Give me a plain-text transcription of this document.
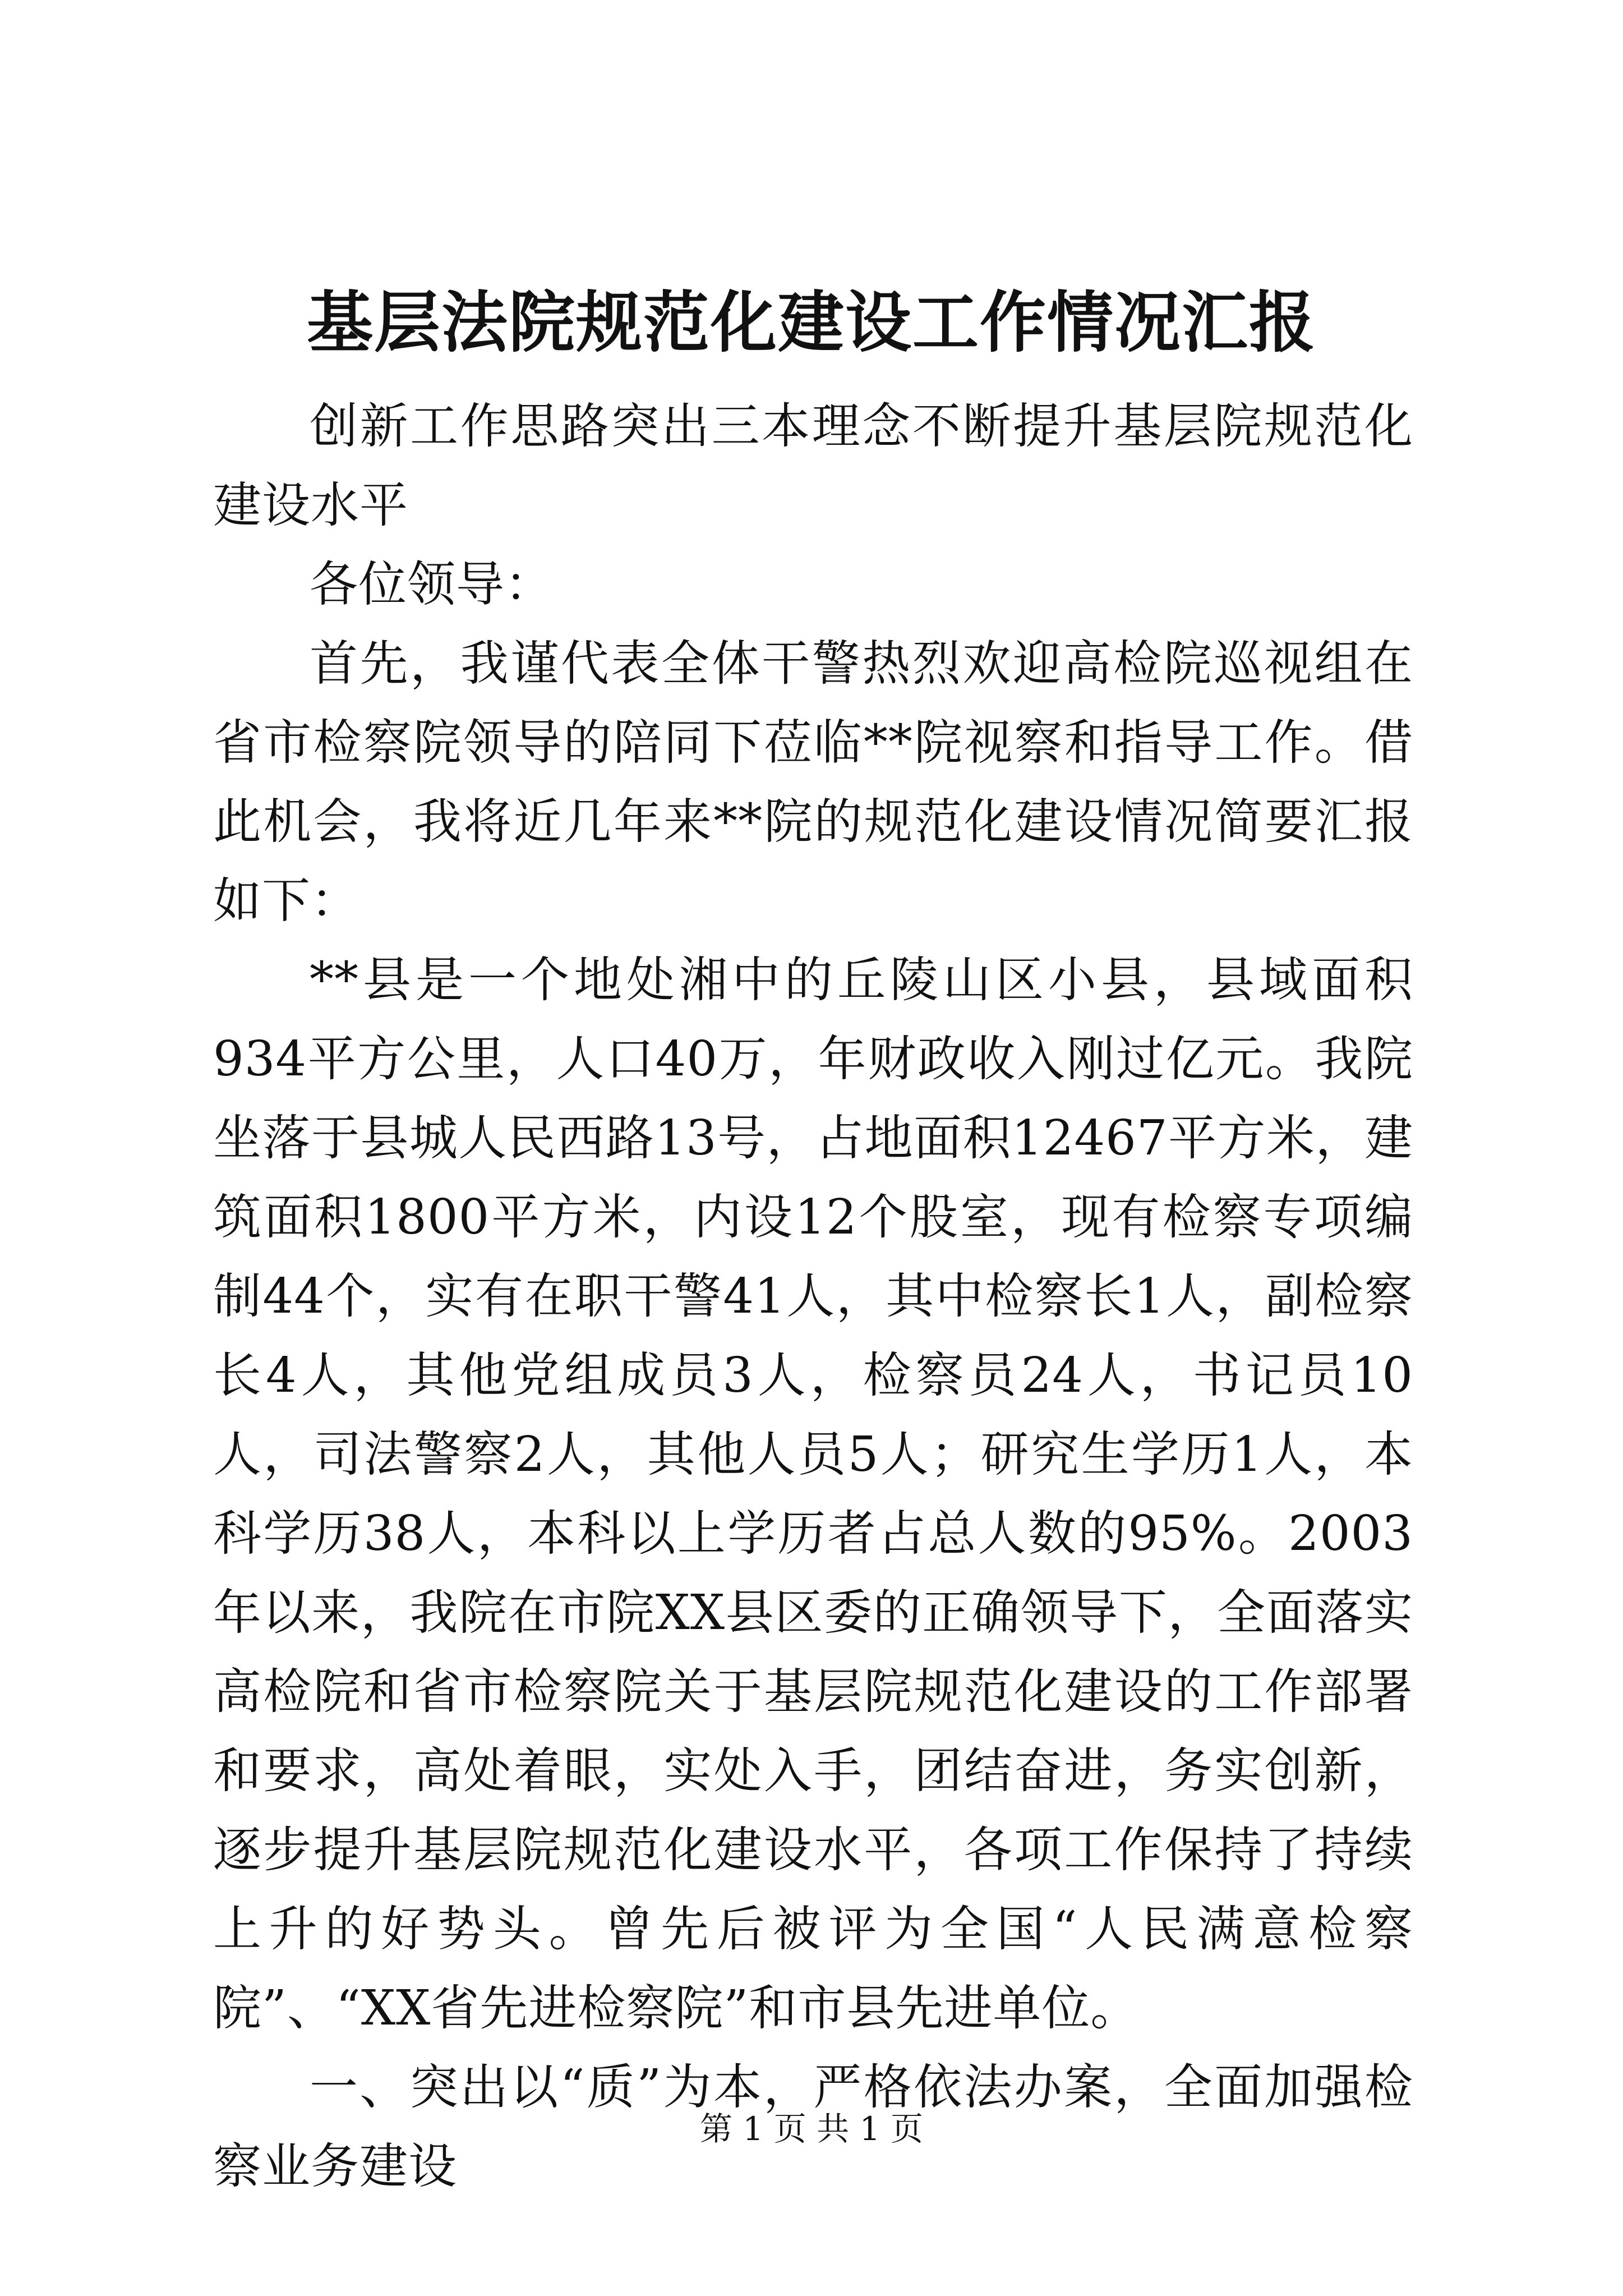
基层法院规范化建设工作情况汇报

创新工作思路突出三本理念不断提升基层院规范化建设水平

各位领导：

首先，我谨代表全体干警热烈欢迎高检院巡视组在省市检察院领导的陪同下莅临**院视察和指导工作。借此机会，我将近几年来**院的规范化建设情况简要汇报如下：

**县是一个地处湘中的丘陵山区小县，县域面积934平方公里，人口40万，年财政收入刚过亿元。我院坐落于县城人民西路13号，占地面积12467平方米，建筑面积1800平方米，内设12个股室，现有检察专项编制44个，实有在职干警41人，其中检察长1人，副检察长4人，其他党组成员3人，检察员24人，书记员10人，司法警察2人，其他人员5人；研究生学历1人，本科学历38人，本科以上学历者占总人数的95%。2003年以来，我院在市院XX县区委的正确领导下，全面落实高检院和省市检察院关于基层院规范化建设的工作部署和要求，高处着眼，实处入手，团结奋进，务实创新，逐步提升基层院规范化建设水平，各项工作保持了持续上升的好势头。曾先后被评为全国“人民满意检察院”、“XX省先进检察院”和市县先进单位。

一、突出以“质”为本，严格依法办案，全面加强检察业务建设

第 1 页 共 1 页
